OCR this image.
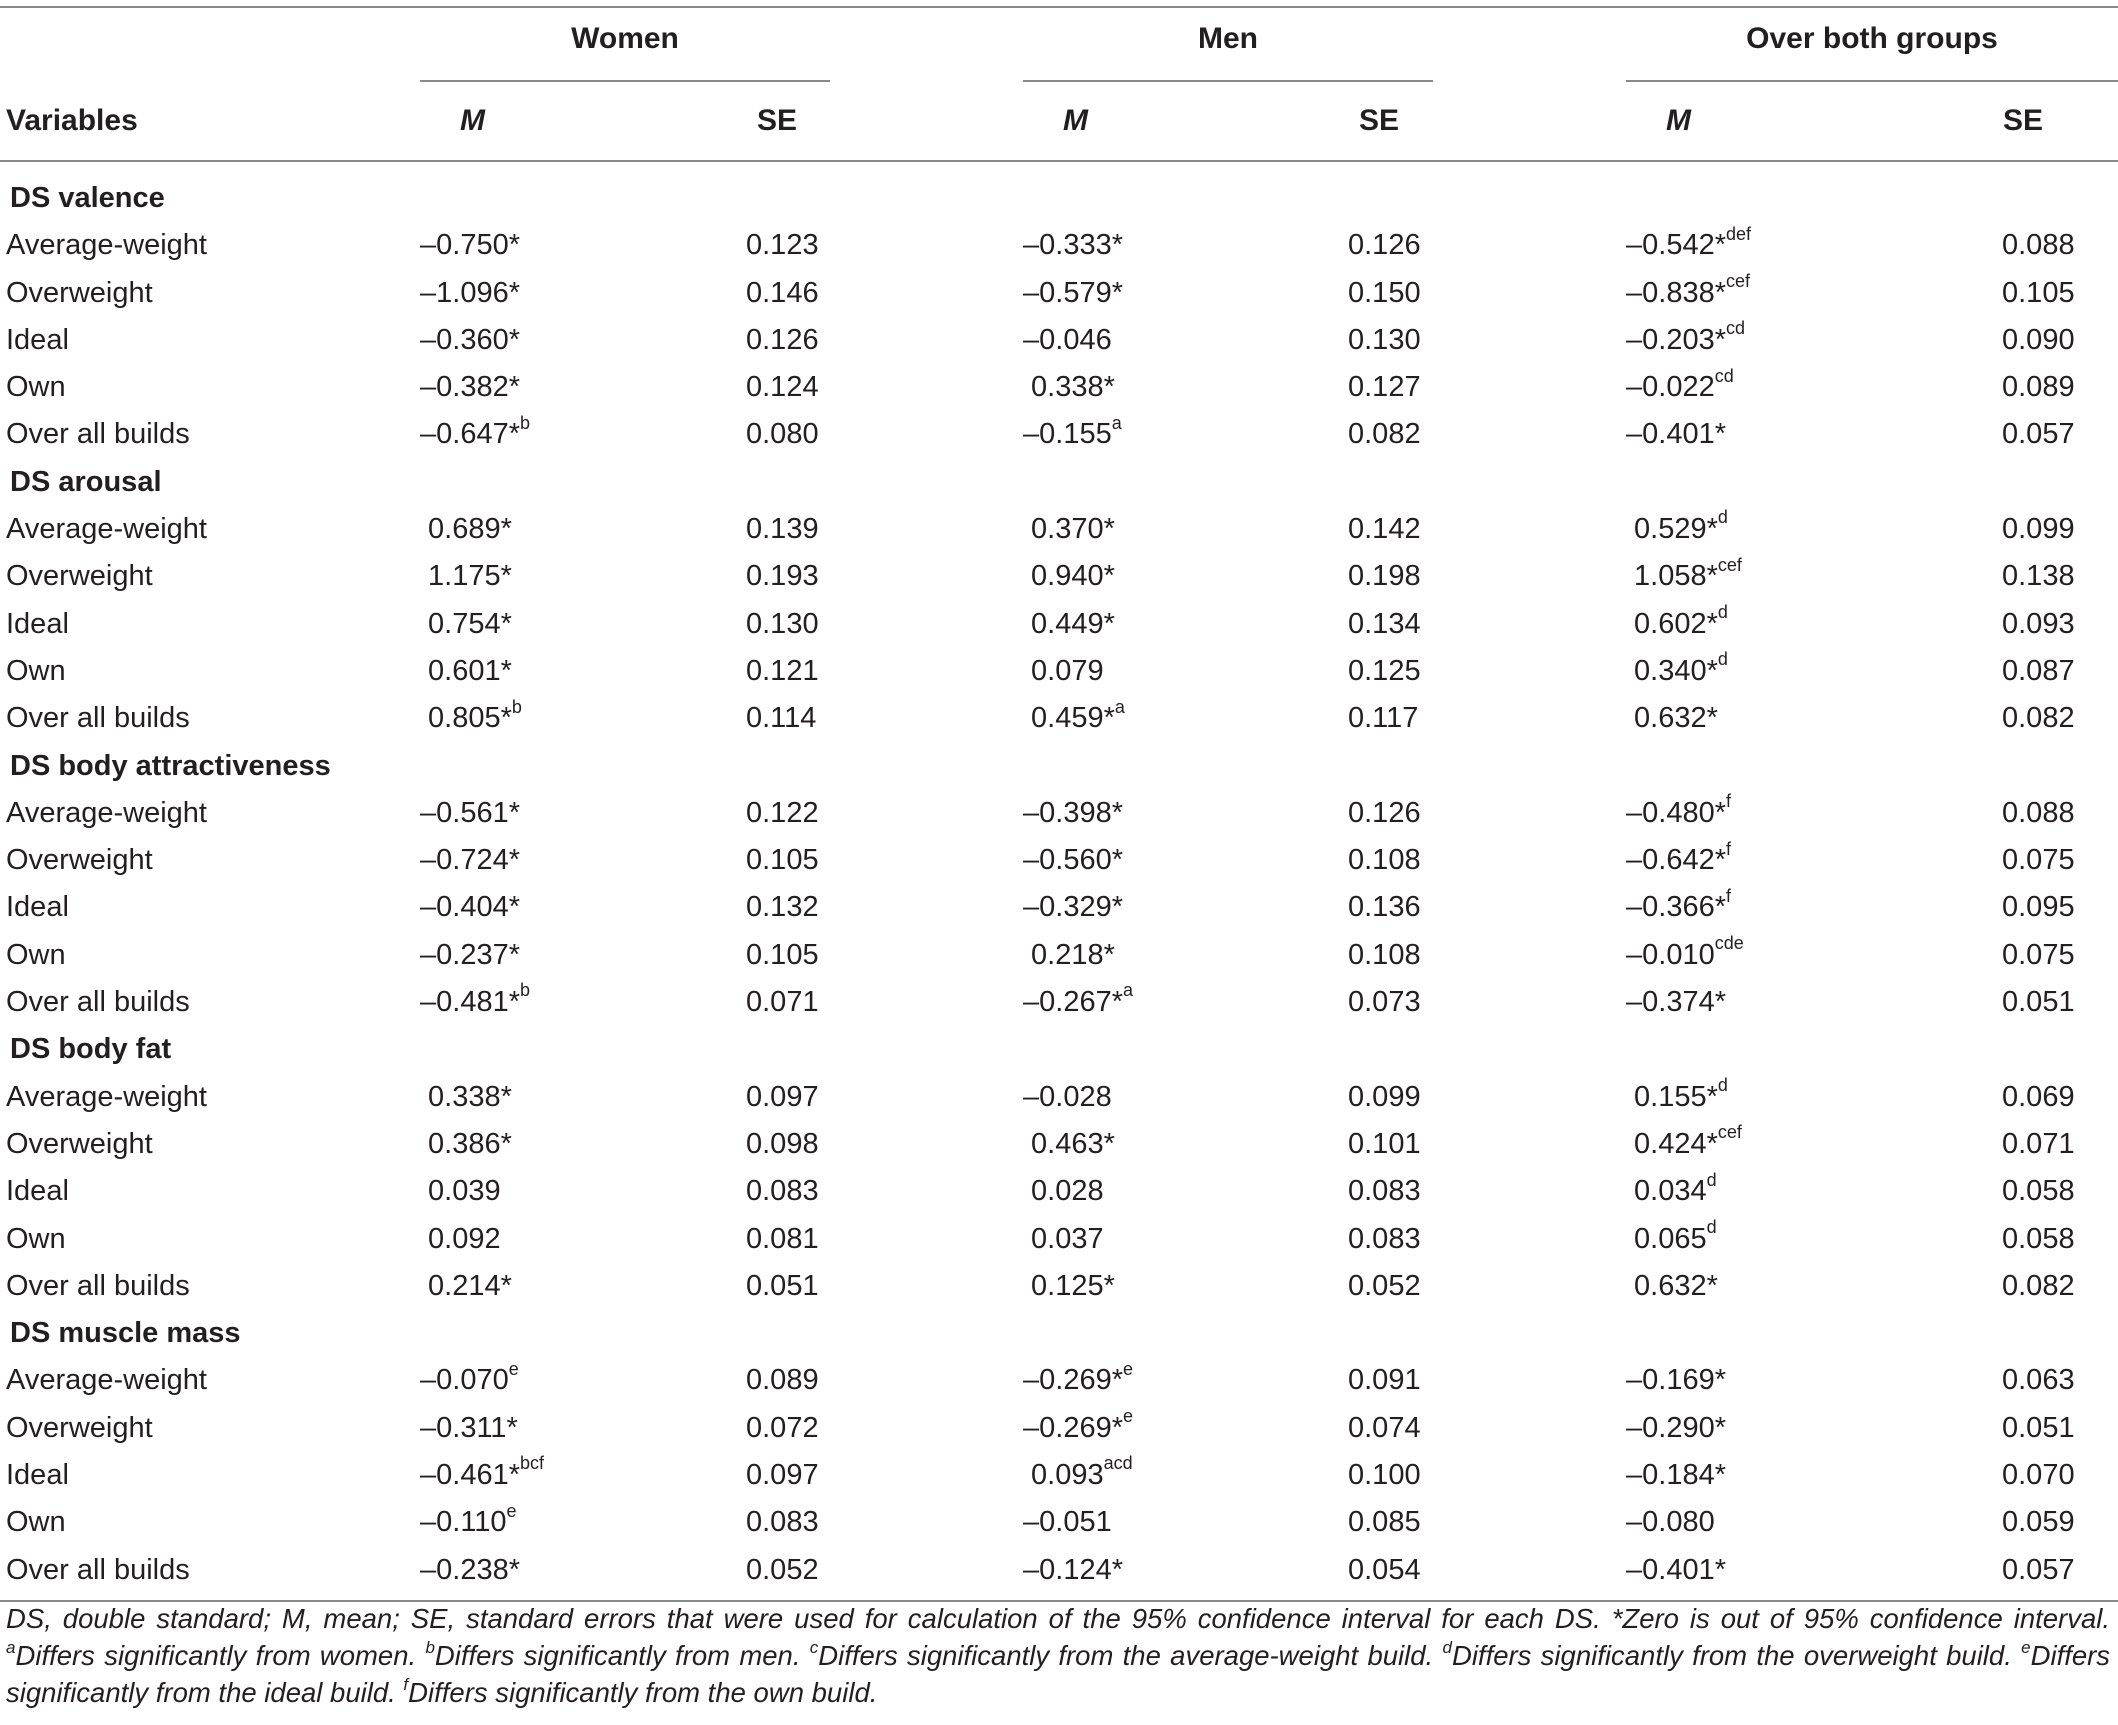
Women	Men	Over both groups
Variables	M	SE	M	SE	M	SE
DS valence
Average-weight	–0.750*	0.123	–0.333*	0.126	–0.542*$^{def}$	0.088
Overweight	–1.096*	0.146	–0.579*	0.150	–0.838*$^{cef}$	0.105
Ideal	–0.360*	0.126	–0.046	0.130	–0.203*$^{cd}$	0.090
Own	–0.382*	0.124	0.338*	0.127	–0.022$^{cd}$	0.089
Over all builds	–0.647*$^b$	0.080	–0.155$^a$	0.082	–0.401*	0.057
DS arousal
Average-weight	0.689*	0.139	0.370*	0.142	0.529*$^d$	0.099
Overweight	1.175*	0.193	0.940*	0.198	1.058*$^{cef}$	0.138
Ideal	0.754*	0.130	0.449*	0.134	0.602*$^d$	0.093
Own	0.601*	0.121	0.079	0.125	0.340*$^d$	0.087
Over all builds	0.805*$^b$	0.114	0.459*$^a$	0.117	0.632*	0.082
DS body attractiveness
Average-weight	–0.561*	0.122	–0.398*	0.126	–0.480*$^f$	0.088
Overweight	–0.724*	0.105	–0.560*	0.108	–0.642*$^f$	0.075
Ideal	–0.404*	0.132	–0.329*	0.136	–0.366*$^f$	0.095
Own	–0.237*	0.105	0.218*	0.108	–0.010$^{cde}$	0.075
Over all builds	–0.481*$^b$	0.071	–0.267*$^a$	0.073	–0.374*	0.051
DS body fat
Average-weight	0.338*	0.097	–0.028	0.099	0.155*$^d$	0.069
Overweight	0.386*	0.098	0.463*	0.101	0.424*$^{cef}$	0.071
Ideal	0.039	0.083	0.028	0.083	0.034$^d$	0.058
Own	0.092	0.081	0.037	0.083	0.065$^d$	0.058
Over all builds	0.214*	0.051	0.125*	0.052	0.632*	0.082
DS muscle mass
Average-weight	–0.070e	0.089	–0.269*$^e$	0.091	–0.169*	0.063
Overweight	–0.311*	0.072	–0.269*$^e$	0.074	–0.290*	0.051
Ideal	–0.461*$^{bcf}$	0.097	0.093$^{acd}$	0.100	–0.184*	0.070
Own	–0.110e	0.083	–0.051	0.085	–0.080	0.059
Over all builds	–0.238*	0.052	–0.124*	0.054	–0.401*	0.057
DS, double standard; M, mean; SE, standard errors that were used for calculation of the 95% confidence interval for each DS. *Zero is out of 95% confidence interval. $^a$Differs significantly from women. $^b$Differs significantly from men. $^c$Differs significantly from the average-weight build. $^d$Differs significantly from the overweight build. $^e$Differs significantly from the ideal build. $^f$Differs significantly from the own build.
